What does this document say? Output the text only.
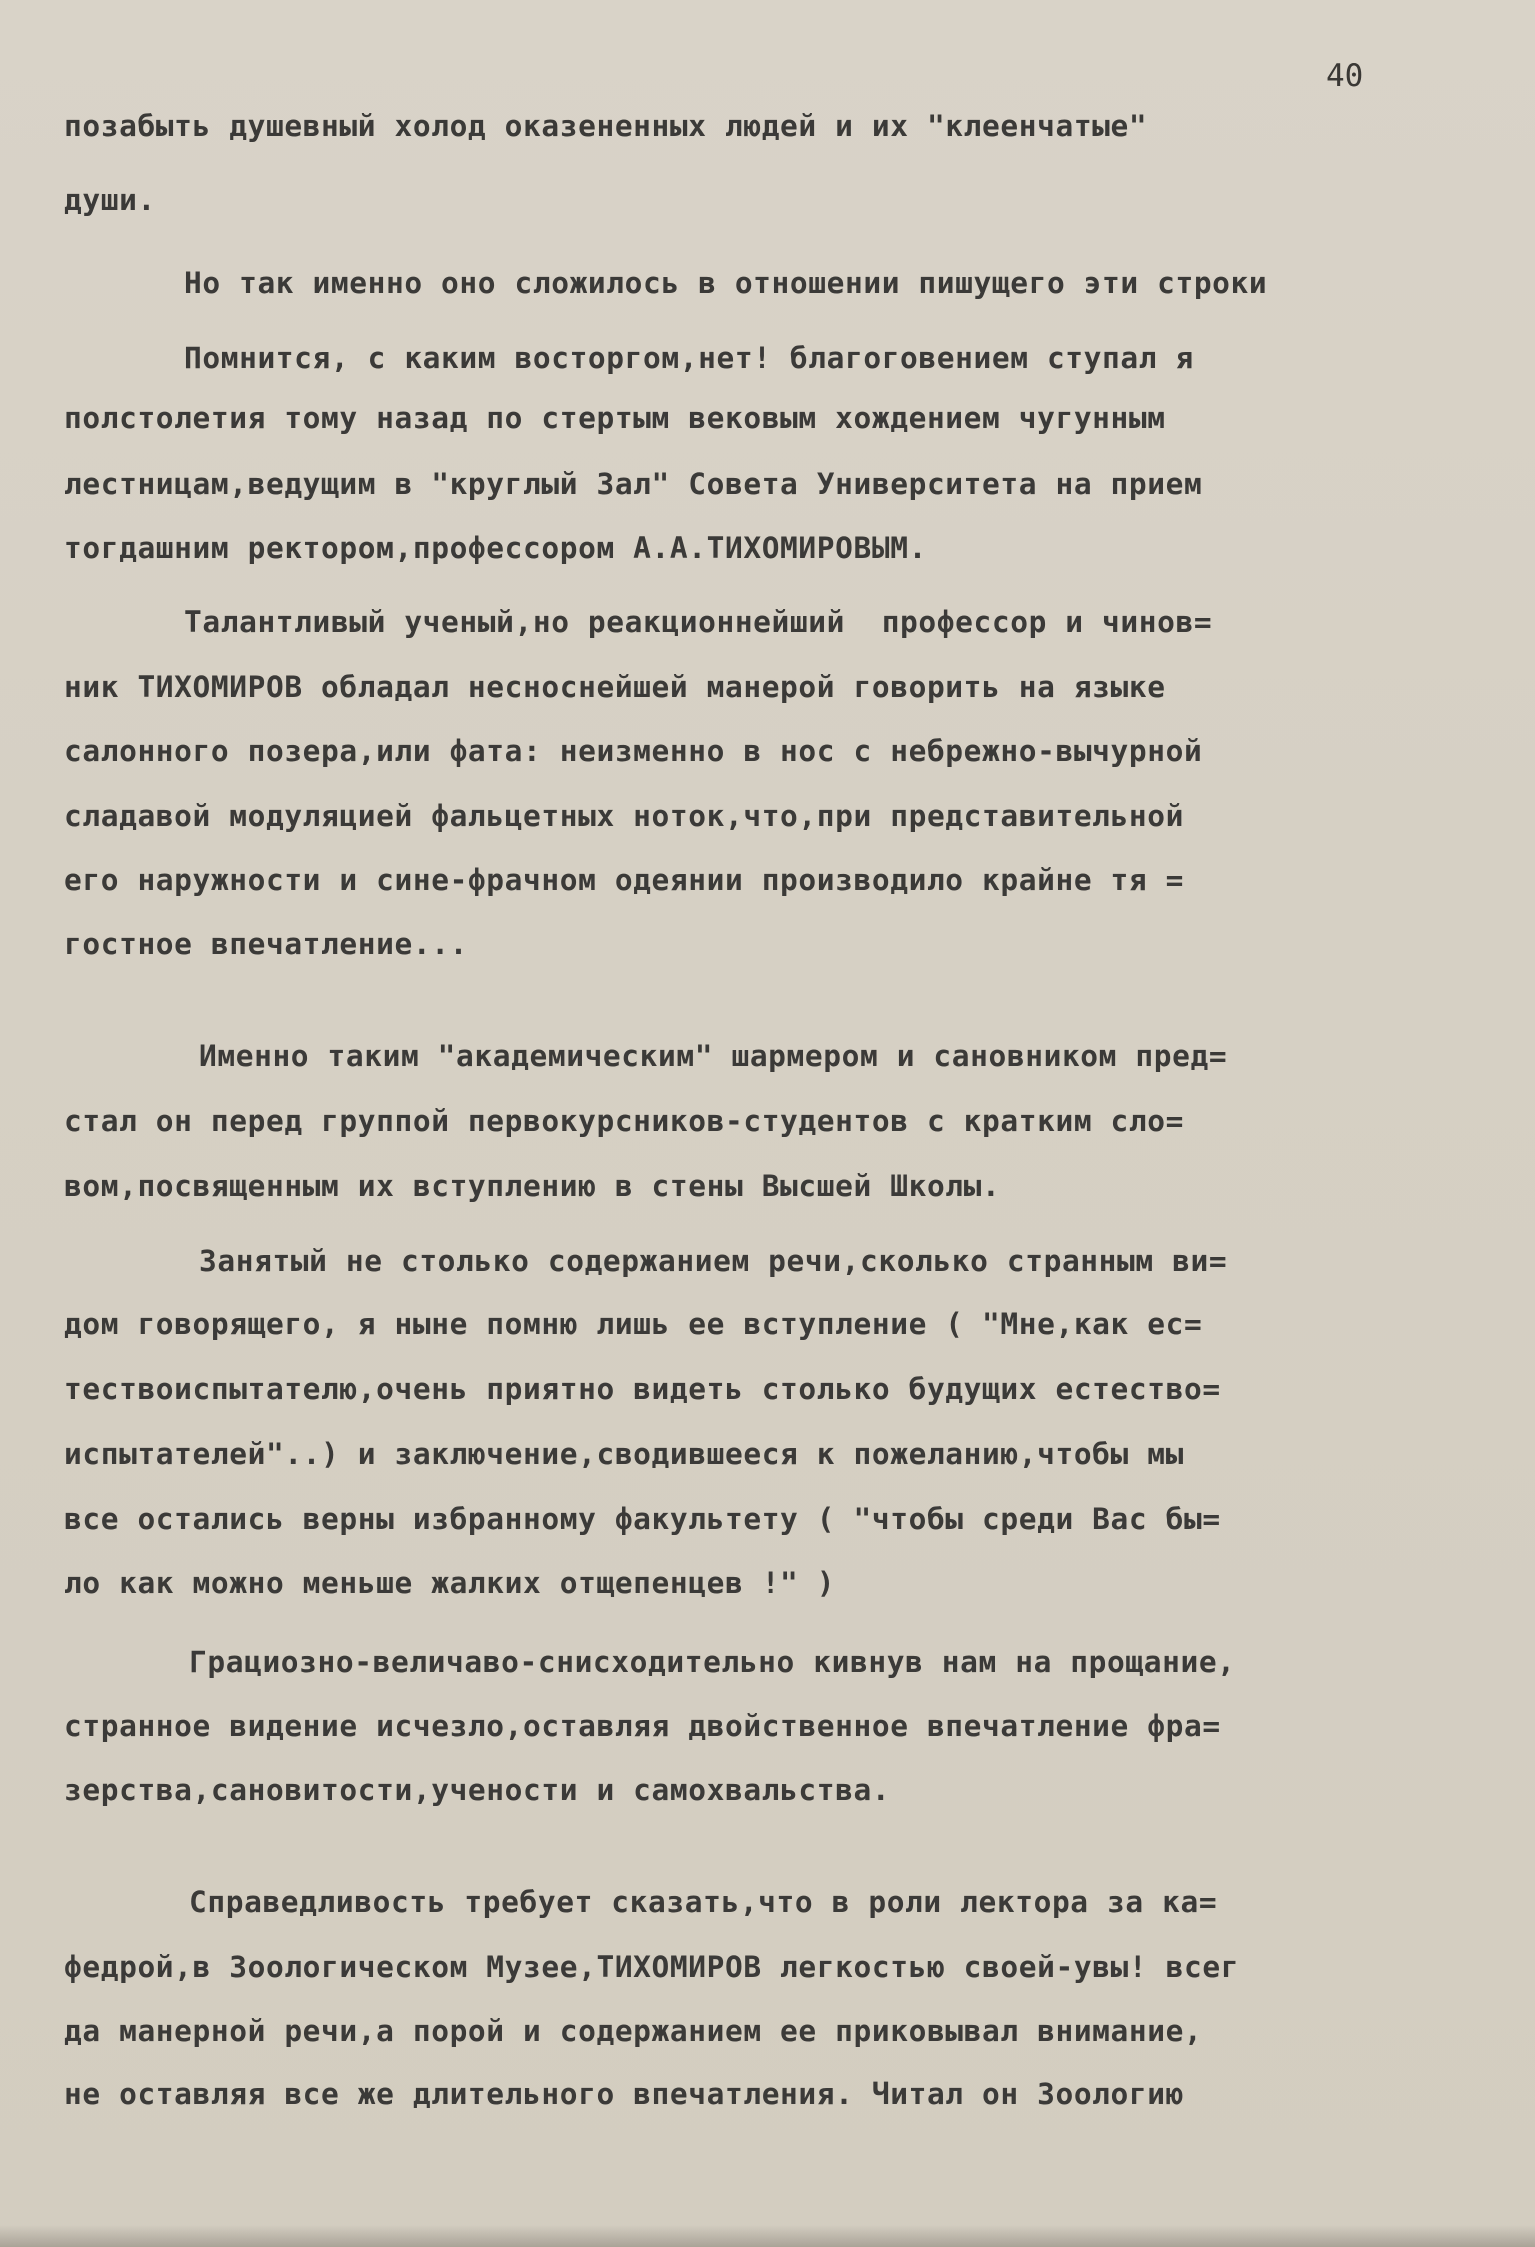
40
позабыть душевный холод оказененных людей и их "клеенчатые"
души.
Но так именно оно сложилось в отношении пишущего эти строки
Помнится, с каким восторгом,нет! благоговением ступал я
полстолетия тому назад по стертым вековым хождением чугунным
лестницам,ведущим в "круглый Зал" Совета Университета на прием
тогдашним ректором,профессором А.А.ТИХОМИРОВЫМ.
Талантливый ученый,но реакционнейший  профессор и чинов=
ник ТИХОМИРОВ обладал несноснейшей манерой говорить на языке
салонного позера,или фата: неизменно в нос с небрежно-вычурной
сладавой модуляцией фальцетных ноток,что,при представительной
его наружности и сине-фрачном одеянии производило крайне тя =
гостное впечатление...
Именно таким "академическим" шармером и сановником пред=
стал он перед группой первокурсников-студентов с кратким сло=
вом,посвященным их вступлению в стены Высшей Школы.
Занятый не столько содержанием речи,сколько странным ви=
дом говорящего, я ныне помню лишь ее вступление ( "Мне,как ес=
тествоиспытателю,очень приятно видеть столько будущих естество=
испытателей"..) и заключение,сводившееся к пожеланию,чтобы мы
все остались верны избранному факультету ( "чтобы среди Вас бы=
ло как можно меньше жалких отщепенцев !" )
Грациозно-величаво-снисходительно кивнув нам на прощание,
странное видение исчезло,оставляя двойственное впечатление фра=
зерства,сановитости,учености и самохвальства.
Справедливость требует сказать,что в роли лектора за ка=
федрой,в Зоологическом Музее,ТИХОМИРОВ легкостью своей-увы! всег
да манерной речи,а порой и содержанием ее приковывал внимание,
не оставляя все же длительного впечатления. Читал он Зоологию
